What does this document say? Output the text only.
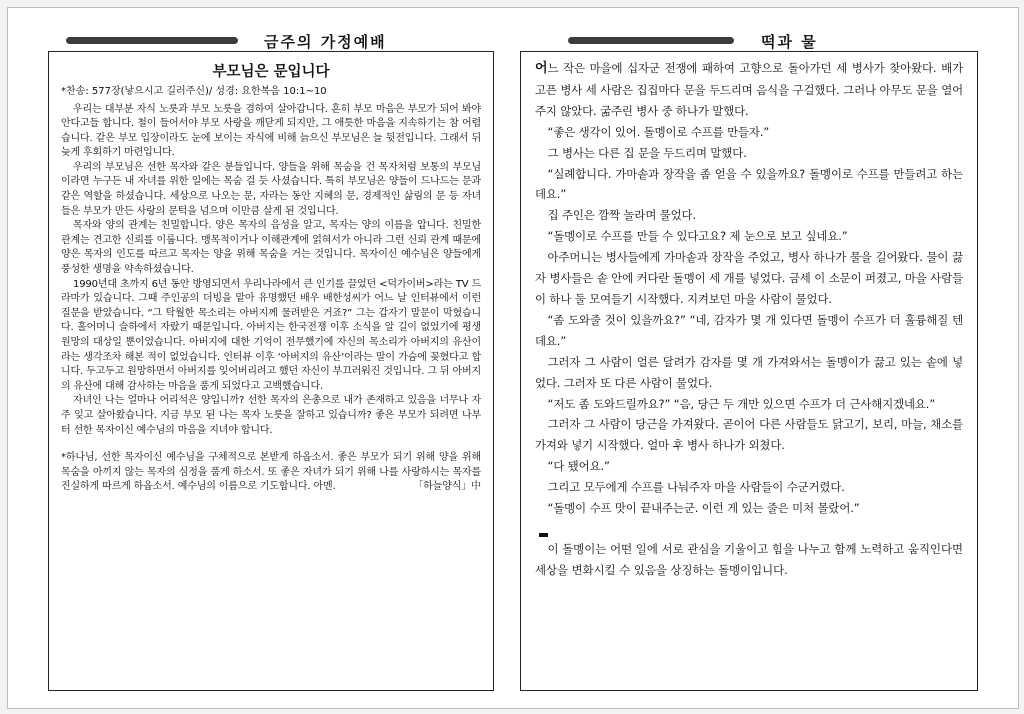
금주의 가정예배	떡과 물
부모님은 문입니다
*찬송: 577장(낳으시고 길러주신)/ 성경: 요한복음 10:1~10

우리는 대부분 자식 노릇과 부모 노릇을 겸하여 살아갑니다. 흔히 부모 마음은 부모가 되어 봐야 안다고들 합니다. 철이 들어서야 부모 사랑을 깨닫게 되지만, 그 애틋한 마음을 지속하기는 참 어렵습니다. 같은 부모 입장이라도 눈에 보이는 자식에 비해 늙으신 부모님은 늘 뒷전입니다. 그래서 뒤늦게 후회하기 마련입니다.

우리의 부모님은 선한 목자와 같은 분들입니다. 양들을 위해 목숨을 건 목자처럼 보통의 부모님이라면 누구든 내 자녀를 위한 일에는 목숨 걸 듯 사셨습니다. 특히 부모님은 양들이 드나드는 문과 같은 역할을 하셨습니다. 세상으로 나오는 문, 자라는 동안 지혜의 문, 경제적인 삶림의 문 등 자녀들은 부모가 만든 사랑의 문턱을 넘으며 이만큼 살게 된 것입니다.

목자와 양의 관계는 친밀합니다. 양은 목자의 음성을 알고, 목자는 양의 이름을 압니다. 친밀한 관계는 견고한 신뢰를 이룹니다. 맹목적이거나 이해관계에 얽혀서가 아니라 그런 신뢰 관계 때문에 양은 목자의 인도를 따르고 목자는 양을 위해 목숨을 거는 것입니다. 목자이신 예수님은 양들에게 풍성한 생명을 약속하셨습니다.

1990년대 초까지 6년 동안 방영되면서 우리나라에서 큰 인기를 끌었던 <덕가이버>라는 TV 드라마가 있습니다. 그때 주인공의 더빙을 맡아 유명했던 배우 배한성씨가 어느 날 인터뷰에서 이런 질문을 받았습니다. “그 탁월한 목소리는 아버지께 물려받은 거죠?” 그는 갑자기 말문이 막혔습니다. 홀어머니 슬하에서 자랐기 때문입니다. 아버지는 한국전쟁 이후 소식을 알 길이 없었기에 평생 원망의 대상일 뿐이었습니다. 아버지에 대한 기억이 전무했기에 자신의 목소리가 아버지의 유산이라는 생각조차 해본 적이 없었습니다. 인터뷰 이후 ‘아버지의 유산’이라는 말이 가슴에 꽂혔다고 합니다. 두고두고 원망하면서 아버지를 잊어버리려고 했던 자신이 부끄러워진 것입니다. 그 뒤 아버지의 유산에 대해 감사하는 마음을 품게 되었다고 고백했습니다.

자녀인 나는 얼마나 어리석은 양입니까? 선한 목자의 은총으로 내가 존재하고 있음을 너무나 자주 잊고 살아왔습니다. 지금 부모 된 나는 목자 노릇을 잘하고 있습니까? 좋은 부모가 되려면 나부터 선한 목자이신 예수님의 마음을 지녀야 합니다.

*하나님, 선한 목자이신 예수님을 구체적으로 본받게 하옵소서. 좋은 부모가 되기 위해 양을 위해 목숨을 아끼지 않는 목자의 심정을 품게 하소서. 또 좋은 자녀가 되기 위해 나를 사랑하시는 목자를 진실하게 따르게 하옵소서. 예수님의 이름으로 기도합니다. 아멘.	「하늘양식」中

어느 작은 마을에 십자군 전쟁에 패하여 고향으로 돌아가던 세 병사가 찾아왔다. 배가 고픈 병사 세 사람은 집집마다 문을 두드리며 음식을 구걸했다. 그러나 아무도 문을 열어주지 않았다. 굶주린 병사 중 하나가 말했다.

“좋은 생각이 있어. 돌멩이로 수프를 만들자.”

그 병사는 다른 집 문을 두드리며 말했다.

“실례합니다. 가마솥과 장작을 좀 얻을 수 있을까요? 돌멩이로 수프를 만들려고 하는데요.”

집 주인은 깜짝 놀라며 물었다.

“돌멩이로 수프를 만들 수 있다고요? 제 눈으로 보고 싶네요.”

아주머니는 병사들에게 가마솥과 장작을 주었고, 병사 하나가 물을 길어왔다. 물이 끓자 병사들은 솥 안에 커다란 돌멩이 세 개를 넣었다. 금세 이 소문이 퍼졌고, 마을 사람들이 하나 둘 모여들기 시작했다. 지켜보던 마을 사람이 물었다.

“좀 도와줄 것이 있을까요?” “네, 감자가 몇 개 있다면 돌멩이 수프가 더 훌륭해질 텐데요.”

그러자 그 사람이 얼른 달려가 감자를 몇 개 가져와서는 돌멩이가 끓고 있는 솥에 넣었다. 그러자 또 다른 사람이 물었다.

“저도 좀 도와드릴까요?” “음, 당근 두 개만 있으면 수프가 더 근사해지겠네요.”

그러자 그 사람이 당근을 가져왔다. 곧이어 다른 사람들도 닭고기, 보리, 마늘, 채소를 가져와 넣기 시작했다. 얼마 후 병사 하나가 외쳤다.

“다 됐어요.”

그리고 모두에게 수프를 나눠주자 마을 사람들이 수군거렸다.

“돌멩이 수프 맛이 끝내주는군. 이런 게 있는 줄은 미처 몰랐어.”

이 돌멩이는 어떤 일에 서로 관심을 기울이고 힘을 나누고 함께 노력하고 움직인다면 세상을 변화시킬 수 있음을 상징하는 돌멩이입니다.
